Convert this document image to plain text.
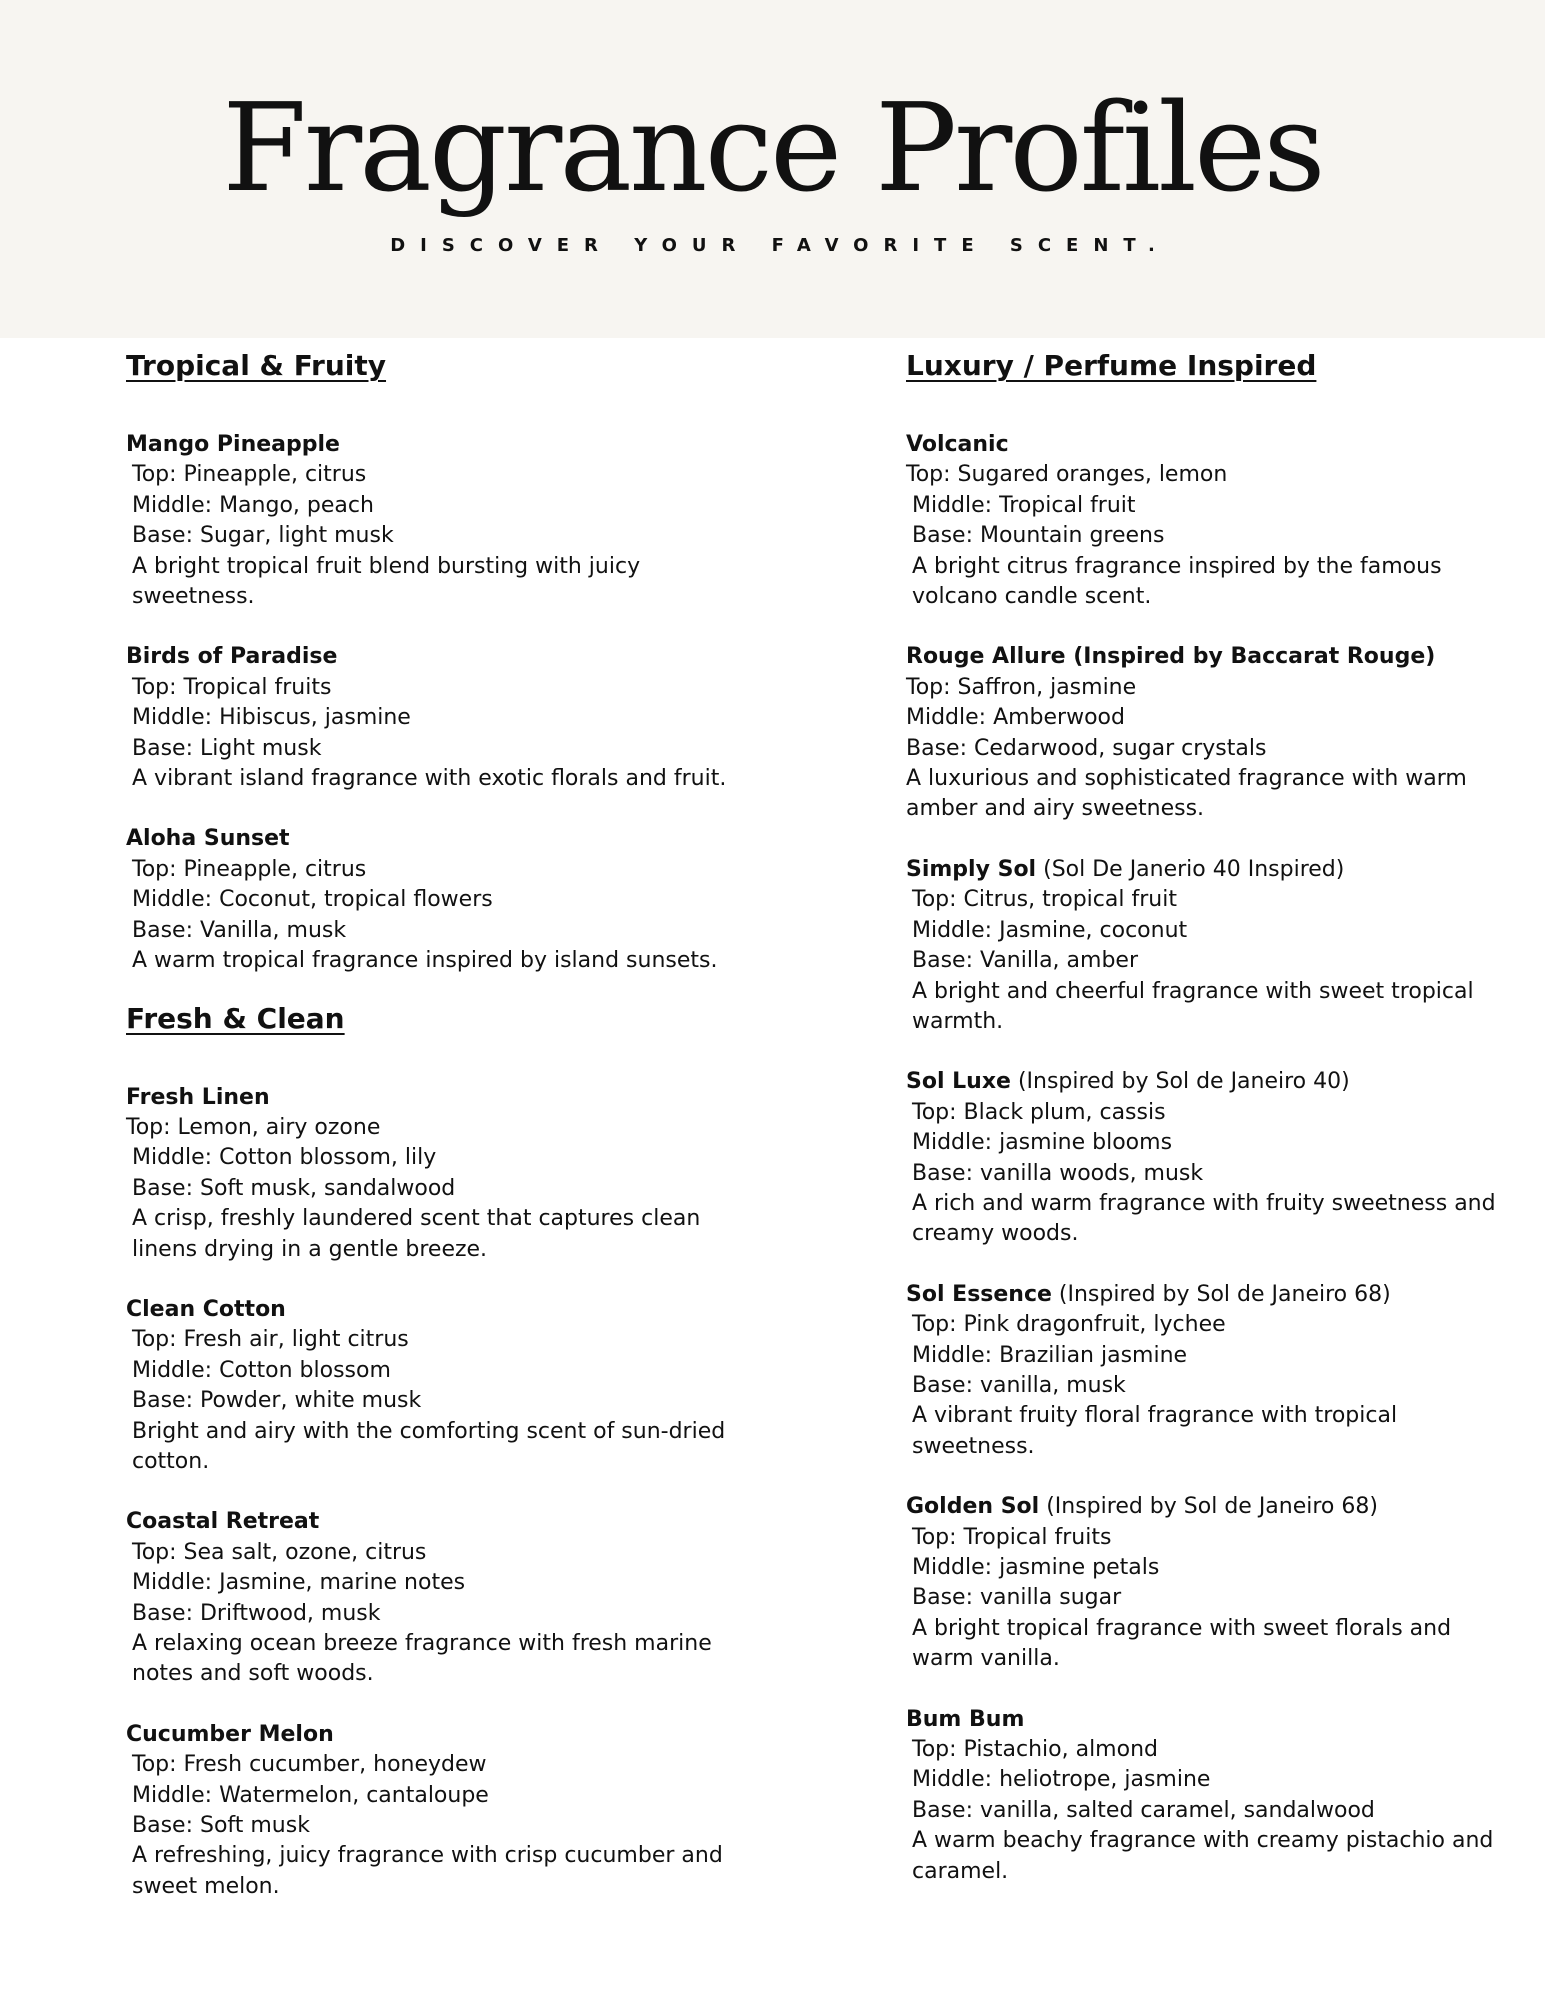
Fragrance Profiles
DISCOVER YOUR FAVORITE SCENT.
Tropical & Fruity
Mango Pineapple
Top: Pineapple, citrus
Middle: Mango, peach
Base: Sugar, light musk
A bright tropical fruit blend bursting with juicy sweetness.
Birds of Paradise
Top: Tropical fruits
Middle: Hibiscus, jasmine
Base: Light musk
A vibrant island fragrance with exotic florals and fruit.
Aloha Sunset
Top: Pineapple, citrus
Middle: Coconut, tropical flowers
Base: Vanilla, musk
A warm tropical fragrance inspired by island sunsets.
Fresh & Clean
Fresh Linen
Top: Lemon, airy ozone
Middle: Cotton blossom, lily
Base: Soft musk, sandalwood
A crisp, freshly laundered scent that captures clean linens drying in a gentle breeze.
Clean Cotton
Top: Fresh air, light citrus
Middle: Cotton blossom
Base: Powder, white musk
Bright and airy with the comforting scent of sun-dried cotton.
Coastal Retreat
Top: Sea salt, ozone, citrus
Middle: Jasmine, marine notes
Base: Driftwood, musk
A relaxing ocean breeze fragrance with fresh marine notes and soft woods.
Cucumber Melon
Top: Fresh cucumber, honeydew
Middle: Watermelon, cantaloupe
Base: Soft musk
A refreshing, juicy fragrance with crisp cucumber and sweet melon.
Luxury / Perfume Inspired
Volcanic
Top: Sugared oranges, lemon
Middle: Tropical fruit
Base: Mountain greens
A bright citrus fragrance inspired by the famous volcano candle scent.
Rouge Allure (Inspired by Baccarat Rouge)
Top: Saffron, jasmine
Middle: Amberwood
Base: Cedarwood, sugar crystals
A luxurious and sophisticated fragrance with warm amber and airy sweetness.
Simply Sol (Sol De Janerio 40 Inspired)
Top: Citrus, tropical fruit
Middle: Jasmine, coconut
Base: Vanilla, amber
A bright and cheerful fragrance with sweet tropical warmth.
Sol Luxe (Inspired by Sol de Janeiro 40)
Top: Black plum, cassis
Middle: jasmine blooms
Base: vanilla woods, musk
A rich and warm fragrance with fruity sweetness and creamy woods.
Sol Essence (Inspired by Sol de Janeiro 68)
Top: Pink dragonfruit, lychee
Middle: Brazilian jasmine
Base: vanilla, musk
A vibrant fruity floral fragrance with tropical sweetness.
Golden Sol (Inspired by Sol de Janeiro 68)
Top: Tropical fruits
Middle: jasmine petals
Base: vanilla sugar
A bright tropical fragrance with sweet florals and warm vanilla.
Bum Bum
Top: Pistachio, almond
Middle: heliotrope, jasmine
Base: vanilla, salted caramel, sandalwood
A warm beachy fragrance with creamy pistachio and caramel.
